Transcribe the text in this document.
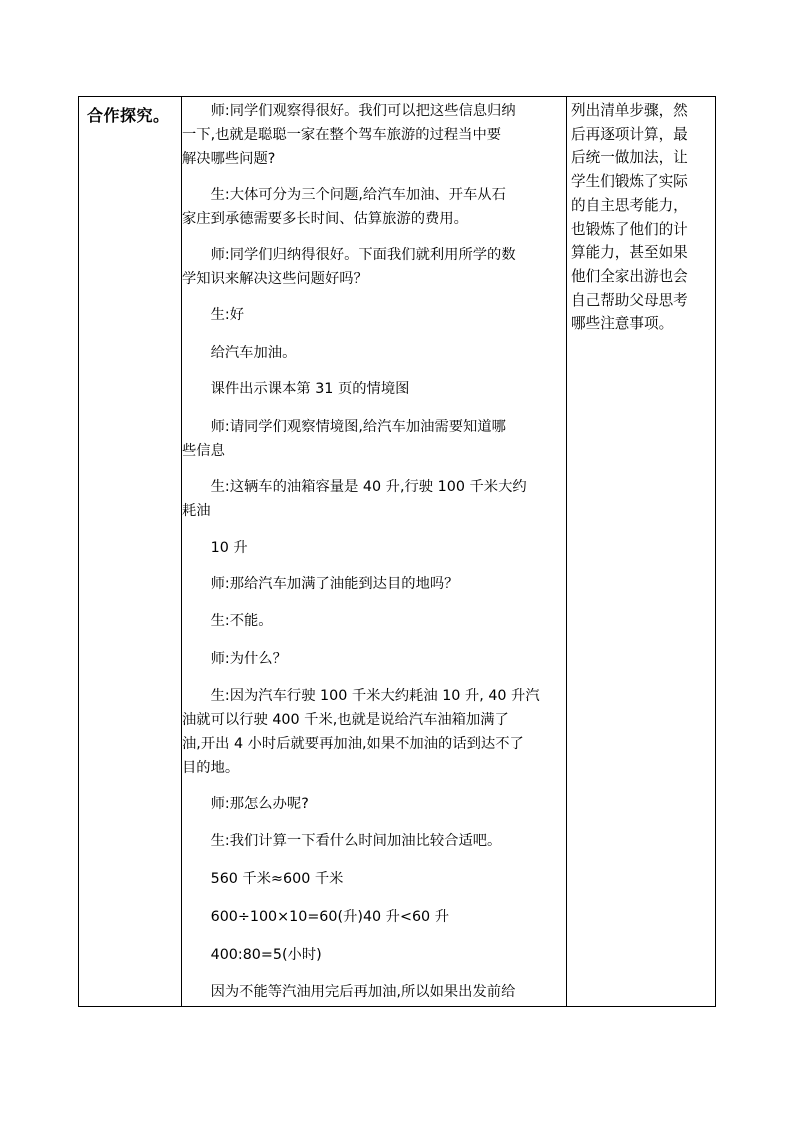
合作探究。 　　师:同学们观察得很好。我们可以把这些信息归纳
一下,也就是聪聪一家在整个驾车旅游的过程当中要
解决哪些问题?
　　生:大体可分为三个问题,给汽车加油、开车从石
家庄到承德需要多长时间、估算旅游的费用。
　　师:同学们归纳得很好。下面我们就利用所学的数
学知识来解决这些问题好吗？
　　生:好
　　给汽车加油。
　　课件出示课本第 31 页的情境图
　　师:请同学们观察情境图,给汽车加油需要知道哪
些信息
　　生:这辆车的油箱容量是 40 升,行驶 100 千米大约
耗油
　　10 升
　　师:那给汽车加满了油能到达目的地吗？
　　生:不能。
　　师:为什么？
　　生:因为汽车行驶 100 千米大约耗油 10 升, 40 升汽
油就可以行驶 400 千米,也就是说给汽车油箱加满了
油,开出 4 小时后就要再加油,如果不加油的话到达不了
目的地。
　　师:那怎么办呢?
　　生:我们计算一下看什么时间加油比较合适吧。
　　560 千米≈600 千米
　　600÷100×10=60(升)40 升<60 升
　　400:80=5(小时)
　　因为不能等汽油用完后再加油,所以如果出发前给
列出清单步骤，然
后再逐项计算，最
后统一做加法，让
学生们锻炼了实际
的自主思考能力，
也锻炼了他们的计
算能力，甚至如果
他们全家出游也会
自己帮助父母思考
哪些注意事项。
